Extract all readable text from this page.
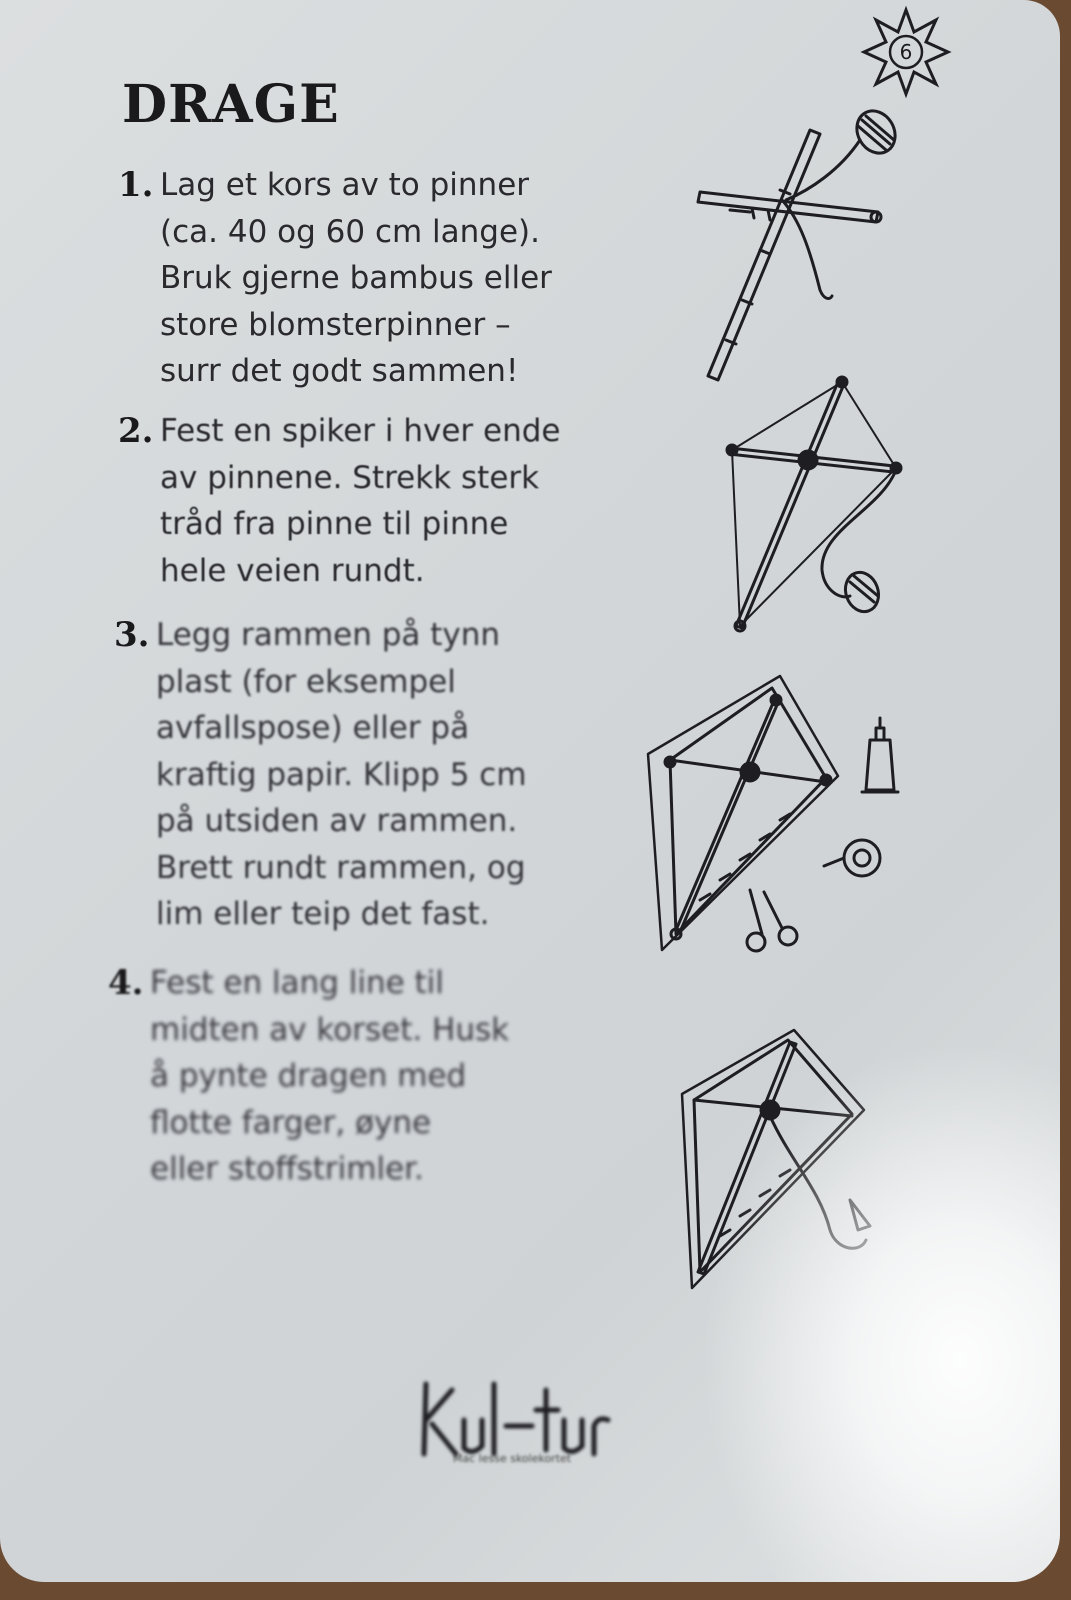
6
DRAGE
1. Lag et kors av to pinner
(ca. 40 og 60 cm lange).
Bruk gjerne bambus eller
store blomsterpinner –
surr det godt sammen!
2. Fest en spiker i hver ende
av pinnene. Strekk sterk
tråd fra pinne til pinne
hele veien rundt.
3. Legg rammen på tynn
plast (for eksempel
avfallspose) eller på
kraftig papir. Klipp 5 cm
på utsiden av rammen.
Brett rundt rammen, og
lim eller teip det fast.
4. Fest en lang line til
midten av korset. Husk
å pynte dragen med
flotte farger, øyne
eller stoffstrimler.
Mac lesse skolekortet
